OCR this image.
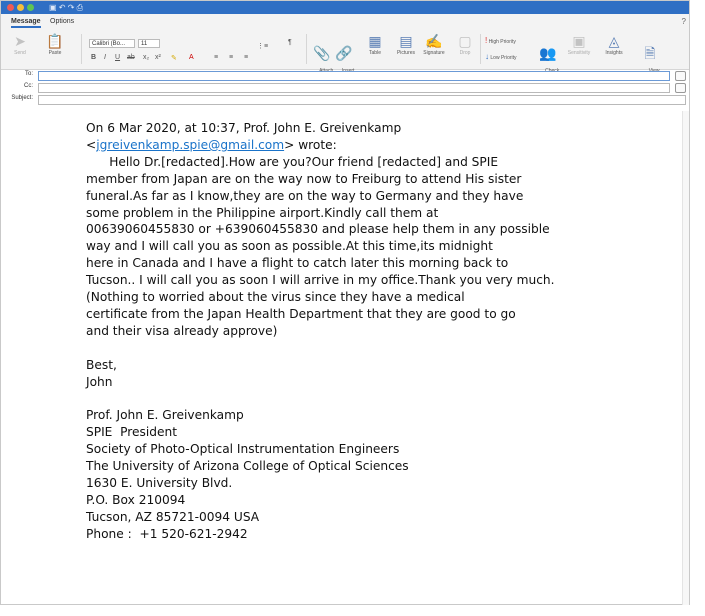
▣ ↶ ↷ ⎙
Message Options	?
➤
Send
📋
Paste
Calibri (Bo...	11
B I U ab x₂ x² ✎ A	≡ ≡ ≡
⋮≡
¶

📎

🔗

▦
Table
▤
Pictures
✍
Signature
▢
Drop
! High Priority
↓ Low Priority

	👥

▣
Sensitivity
◬
Insights

	🗎

To:
Cc:
Subject:
On 6 Mar 2020, at 10:37, Prof. John E. Greivenkamp
<jgreivenkamp.spie@gmail.com> wrote:
Hello Dr.[redacted].How are you?Our friend [redacted] and SPIE
member from Japan are on the way now to Freiburg to attend His sister
funeral.As far as I know,they are on the way to Germany and they have
some problem in the Philippine airport.Kindly call them at
00639060455830 or +639060455830 and please help them in any possible
way and I will call you as soon as possible.At this time,its midnight
here in Canada and I have a flight to catch later this morning back to
Tucson.. I will call you as soon I will arrive in my office.Thank you very much.
(Nothing to worried about the virus since they have a medical
certificate from the Japan Health Department that they are good to go
and their visa already approve)

Best,
John

Prof. John E. Greivenkamp
SPIE  President
Society of Photo-Optical Instrumentation Engineers
The University of Arizona College of Optical Sciences
1630 E. University Blvd.
P.O. Box 210094
Tucson, AZ 85721-0094 USA
Phone :  +1 520-621-2942
